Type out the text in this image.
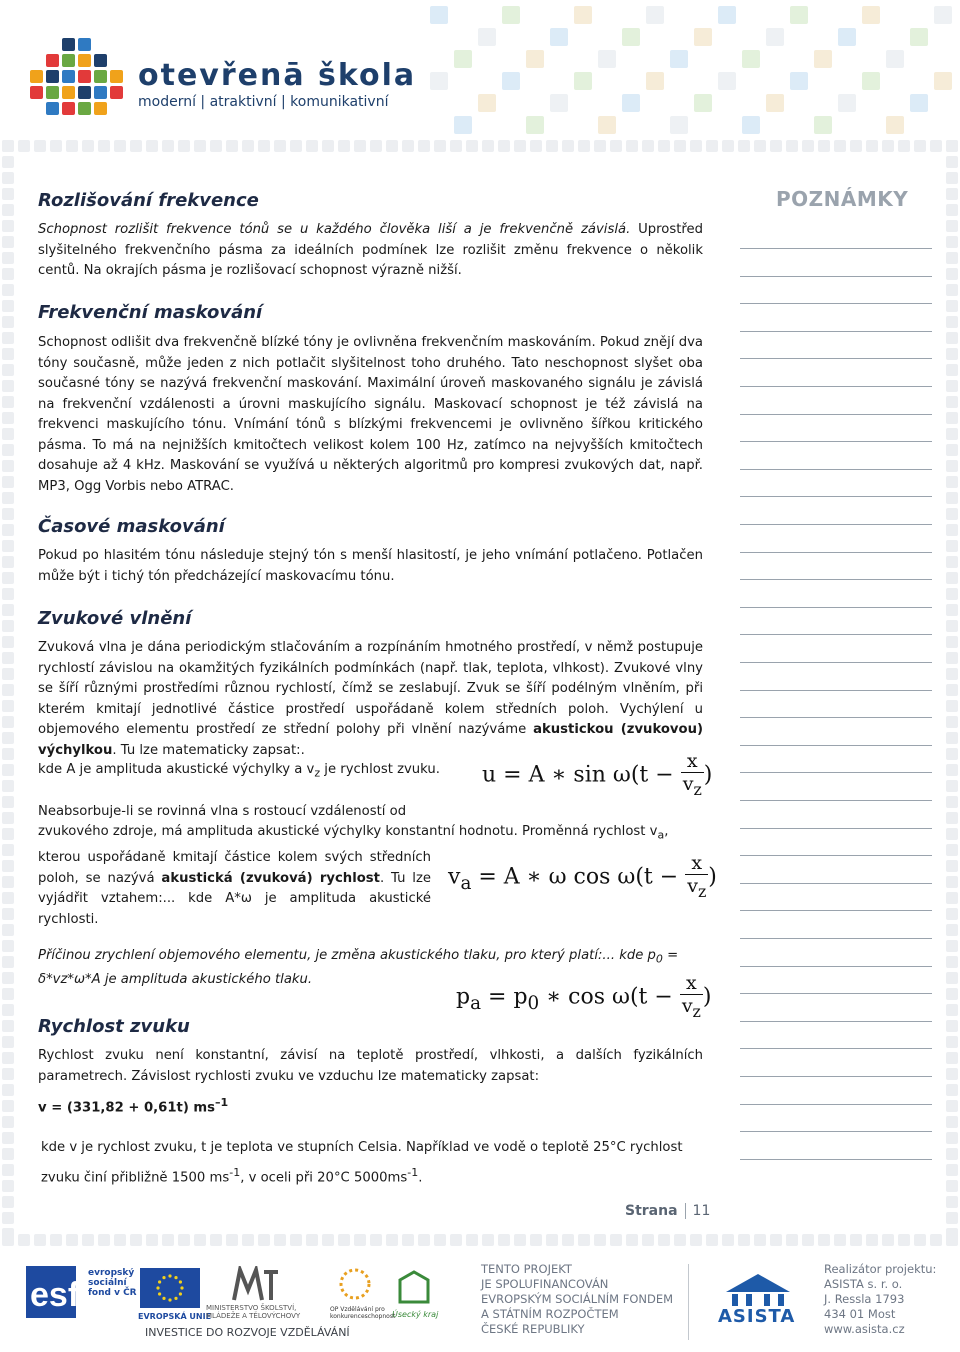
otevřenā škola
moderní | atraktivní | komunikativní
POZNÁMKY
Rozlišování frekvence

Schopnost rozlišit frekvence tónů se u každého člověka liší a je frekvenčně závislá. Uprostřed slyšitelného frekvenčního pásma za ideálních podmínek lze rozlišit změnu frekvence o několik centů. Na okrajích pásma je rozlišovací schopnost výrazně nižší.

Frekvenční maskování

Schopnost odlišit dva frekvenčně blízké tóny je ovlivněna frekvenčním maskováním. Pokud znějí dva tóny současně, může jeden z nich potlačit slyšitelnost toho druhého. Tato neschopnost slyšet oba současné tóny se nazývá frekvenční maskování. Maximální úroveň maskovaného signálu je závislá na frekvenční vzdálenosti a úrovni maskujícího signálu. Maskovací schopnost je též závislá na frekvenci maskujícího tónu. Vnímání tónů s blízkými frekvencemi je ovlivněno šířkou kritického pásma. To má na nejnižších kmitočtech velikost kolem 100 Hz, zatímco na nejvyšších kmitočtech dosahuje až 4 kHz. Maskování se využívá u některých algoritmů pro kompresi zvukových dat, např. MP3, Ogg Vorbis nebo ATRAC.

Časové maskování

Pokud po hlasitém tónu následuje stejný tón s menší hlasitostí, je jeho vnímání potlačeno. Potlačen může být i tichý tón předcházející maskovacímu tónu.

Zvukové vlnění

Zvuková vlna je dána periodickým stlačováním a rozpínáním hmotného prostředí, v němž postupuje rychlostí závislou na okamžitých fyzikálních podmínkách (např. tlak, teplota, vlhkost). Zvukové vlny se šíří různými prostředími různou rychlostí, čímž se zeslabují. Zvuk se šíří podélným vlněním, při kterém kmitají jednotlivé částice prostředí uspořádaně kolem středních poloh. Vychýlení u objemového elementu prostředí ze střední polohy při vlnění nazýváme akustickou (zvukovou) výchylkou. Tu lze matematicky zapsat:.

kde A je amplituda akustické výchylky a $v_z$ je rychlost zvuku.
Neabsorbuje-li se rovinná vlna s rostoucí vzdáleností od
zvukového zdroje, má amplituda akustické výchylky konstantní hodnotu. Proměnná rychlost $v_a$,
kterou uspořádaně kmitají částice kolem svých středních poloh, se nazývá akustická (zvuková) rychlost. Tu lze vyjádřit vztahem:... kde A*ω je amplituda akustické rychlosti.
Příčinou zrychlení objemového elementu, je změna akustického tlaku, pro který platí:... kde $p_0$ =
δ*vz*ω*A je amplituda akustického tlaku.
u = A ∗ $\sin \omega(t - \frac{x}{v_z}$ )
$v_a = A$ ∗ ω $\cos \omega(t - \frac{x}{v_z}$ )
$p_a = p_0$ ∗ $\cos \omega(t - \frac{x}{v_z}$ )
Rychlost zvuku

Rychlost zvuku není konstantní, závisí na teplotě prostředí, vlhkosti, a dalších fyzikálních parametrech. Závislost rychlosti zvuku ve vzduchu lze matematicky zapsat:

v = (331,82 + 0,61t) $ms^{-1}$

kde v je rychlost zvuku, t je teplota ve stupních Celsia. Například ve vodě o teplotě 25°C rychlost
zvuku činí přibližně 1500 $ms^{-1}$, v oceli při 20°C $5000ms^{-1}$.

Strana 11
esf
evropský sociální fond v ČR
EVROPSKÁ UNIE
MINISTERSTVO ŠKOLSTVÍ, MLÁDEŽE A TĚLOVÝCHOVY
OP Vzdělávání pro konkurenceschopnost
Úsecký kraj
INVESTICE DO ROZVOJE VZDĚLÁVÁNÍ
TENTO PROJEKT
JE SPOLUFINANCOVÁN
EVROPSKÝM SOCIÁLNÍM FONDEM
A STÁTNÍM ROZPOČTEM
ČESKÉ REPUBLIKY
ASISTA
Realizátor projektu:
ASISTA s. r. o.
J. Ressla 1793
434 01 Most
www.asista.cz
